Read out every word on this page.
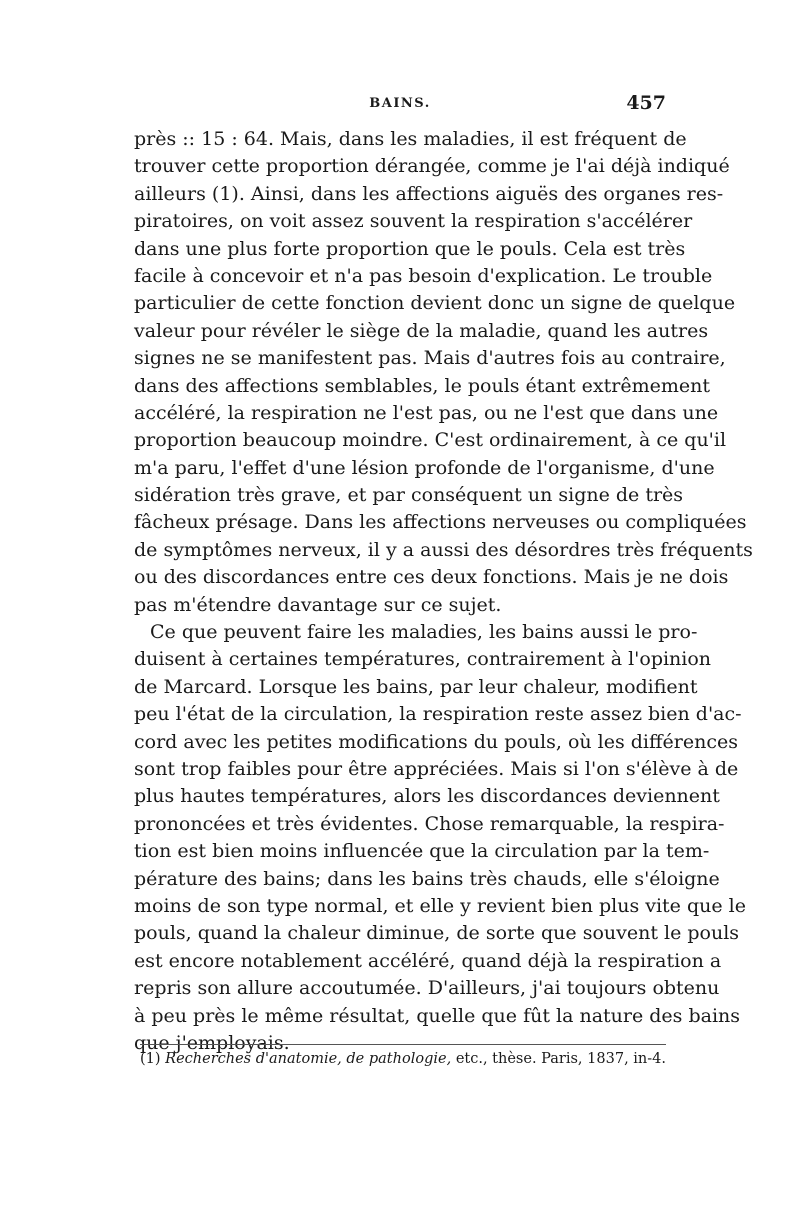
BAINS.	457
près :: 15 : 64. Mais, dans les maladies, il est fréquent de
trouver cette proportion dérangée, comme je l'ai déjà indiqué
ailleurs (1). Ainsi, dans les affections aiguës des organes res-
piratoires, on voit assez souvent la respiration s'accélérer
dans une plus forte proportion que le pouls. Cela est très
facile à concevoir et n'a pas besoin d'explication. Le trouble
particulier de cette fonction devient donc un signe de quelque
valeur pour révéler le siège de la maladie, quand les autres
signes ne se manifestent pas. Mais d'autres fois au contraire,
dans des affections semblables, le pouls étant extrêmement
accéléré, la respiration ne l'est pas, ou ne l'est que dans une
proportion beaucoup moindre. C'est ordinairement, à ce qu'il
m'a paru, l'effet d'une lésion profonde de l'organisme, d'une
sidération très grave, et par conséquent un signe de très
fâcheux présage. Dans les affections nerveuses ou compliquées
de symptômes nerveux, il y a aussi des désordres très fréquents
ou des discordances entre ces deux fonctions. Mais je ne dois
pas m'étendre davantage sur ce sujet.
Ce que peuvent faire les maladies, les bains aussi le pro-
duisent à certaines températures, contrairement à l'opinion
de Marcard. Lorsque les bains, par leur chaleur, modifient
peu l'état de la circulation, la respiration reste assez bien d'ac-
cord avec les petites modifications du pouls, où les différences
sont trop faibles pour être appréciées. Mais si l'on s'élève à de
plus hautes températures, alors les discordances deviennent
prononcées et très évidentes. Chose remarquable, la respira-
tion est bien moins influencée que la circulation par la tem-
pérature des bains; dans les bains très chauds, elle s'éloigne
moins de son type normal, et elle y revient bien plus vite que le
pouls, quand la chaleur diminue, de sorte que souvent le pouls
est encore notablement accéléré, quand déjà la respiration a
repris son allure accoutumée. D'ailleurs, j'ai toujours obtenu
à peu près le même résultat, quelle que fût la nature des bains
que j'employais.
(1) Recherches d'anatomie, de pathologie, etc., thèse. Paris, 1837, in-4.
